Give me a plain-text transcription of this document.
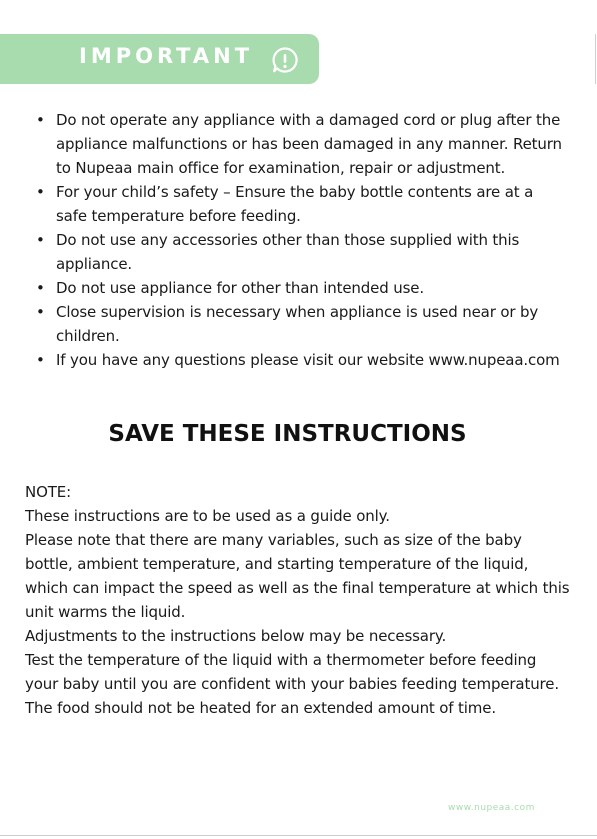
IMPORTANT
• Do not operate any appliance with a damaged cord or plug after the appliance malfunctions or has been damaged in any manner. Return to Nupeaa main office for examination, repair or adjustment.
• For your child’s safety – Ensure the baby bottle contents are at a safe temperature before feeding.
• Do not use any accessories other than those supplied with this appliance.
• Do not use appliance for other than intended use.
• Close supervision is necessary when appliance is used near or by children.
• If you have any questions please visit our website www.nupeaa.com
SAVE THESE INSTRUCTIONS

NOTE:

These instructions are to be used as a guide only.

Please note that there are many variables, such as size of the baby bottle, ambient temperature, and starting temperature of the liquid, which can impact the speed as well as the final temperature at which this unit warms the liquid.

Adjustments to the instructions below may be necessary.

Test the temperature of the liquid with a thermometer before feeding your baby until you are confident with your babies feeding temperature.

The food should not be heated for an extended amount of time.

www.nupeaa.com
